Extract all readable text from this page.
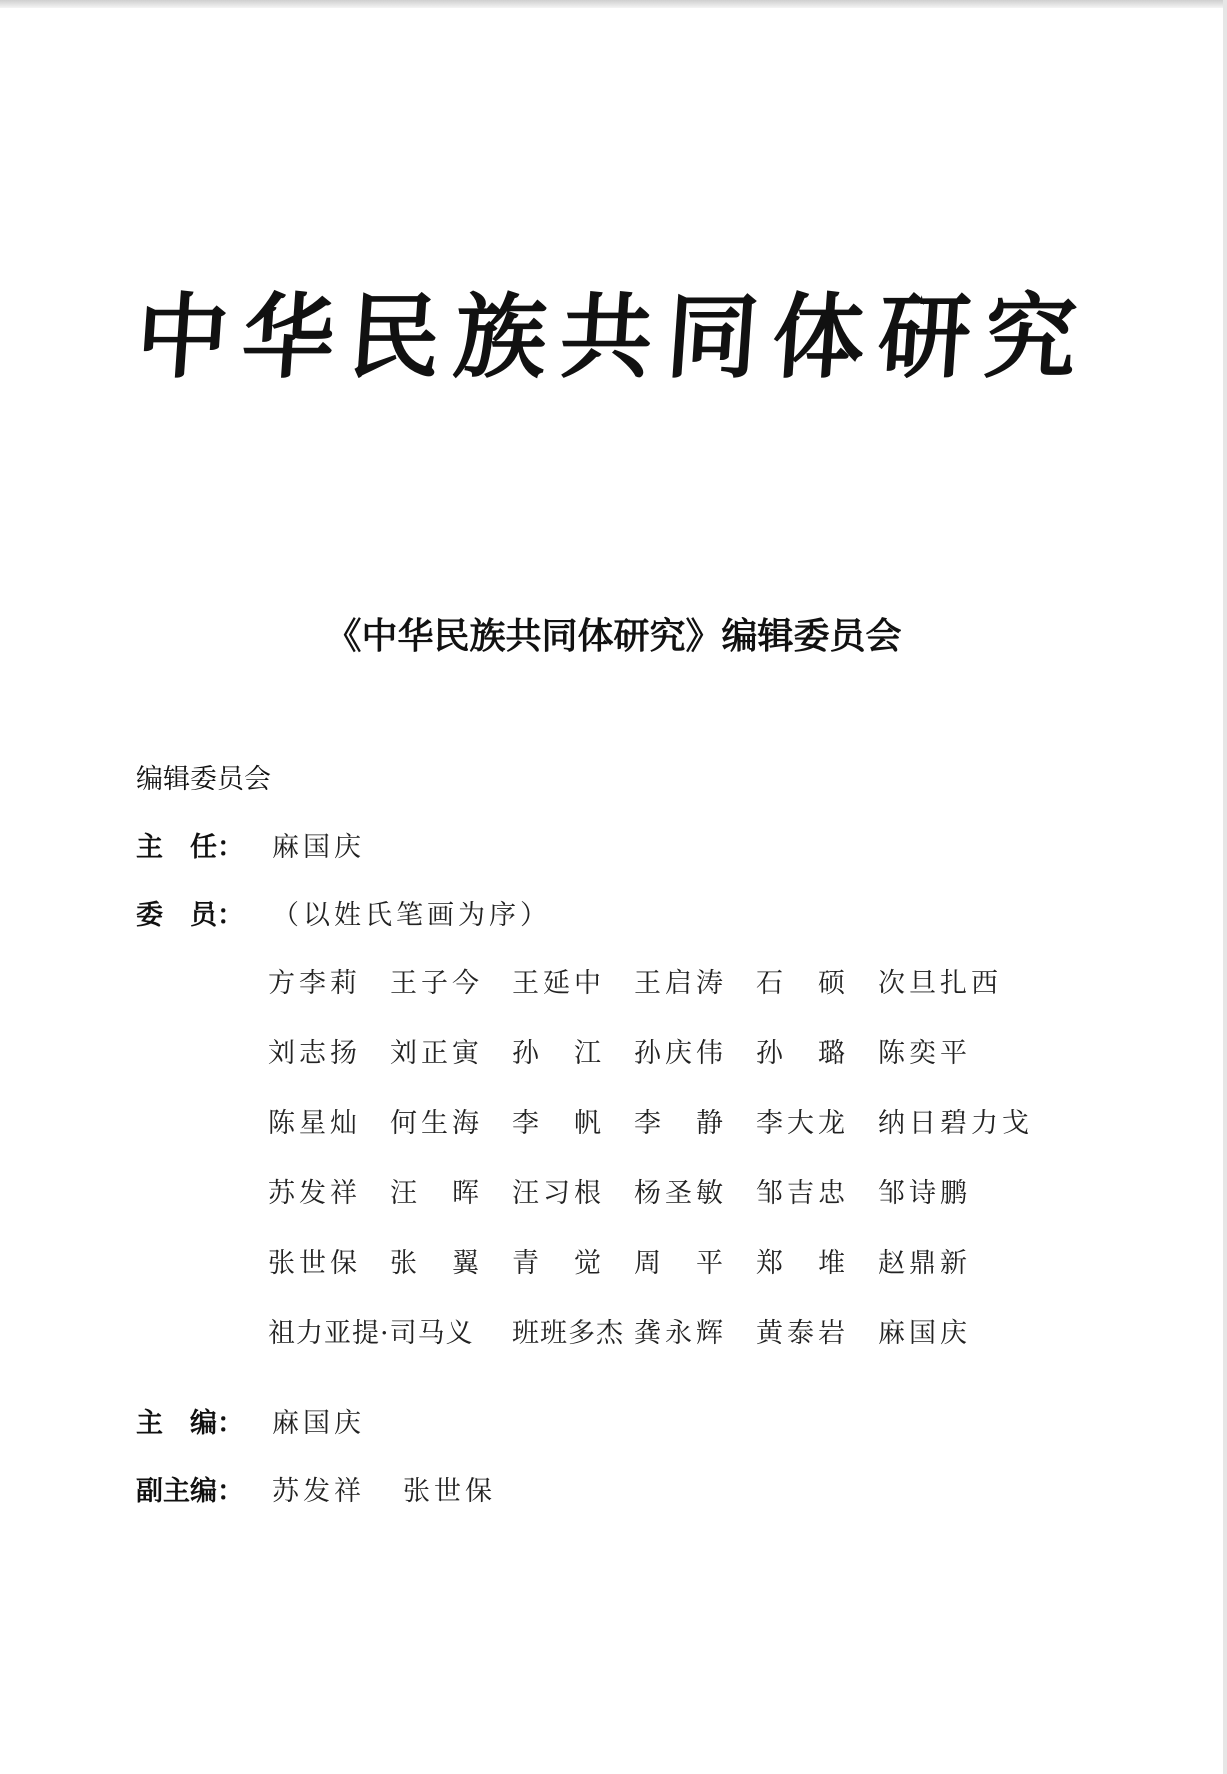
中华民族共同体研究
《中华民族共同体研究》编辑委员会
编辑委员会
主　任： 麻国庆
委　员： （以姓氏笔画为序）
方李莉 王子今 王延中 王启涛 石　硕 次旦扎西
刘志扬 刘正寅 孙　江 孙庆伟 孙　璐 陈奕平
陈星灿 何生海 李　帆 李　静 李大龙 纳日碧力戈
苏发祥 汪　晖 汪习根 杨圣敏 邹吉忠 邹诗鹏
张世保 张　翼 青　觉 周　平 郑　堆 赵鼎新
祖力亚提·司马义 班班多杰 龚永辉 黄泰岩 麻国庆
主　编： 麻国庆
副主编： 苏发祥 张世保
